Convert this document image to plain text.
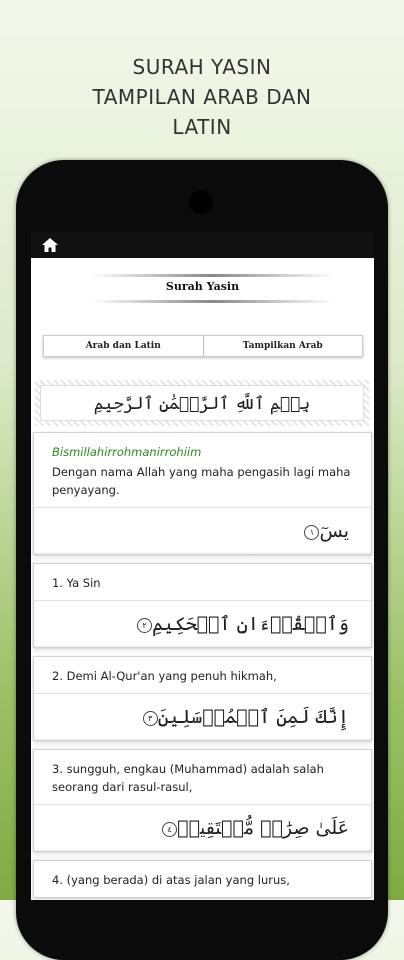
SURAH YASIN
TAMPILAN ARAB DAN
LATIN
Surah Yasin
Arab dan Latin	Tampilkan Arab
بِسۡمِ ٱللَّهِ ٱلرَّحۡمَٰنِ ٱلرَّحِيمِ
Bismillahirrohmanirrohiim
Dengan nama Allah yang maha pengasih lagi maha penyayang.
يسٓ١
1. Ya Sin
وَٱلۡقُرۡءَانِ ٱلۡحَكِيمِ٢
2. Demi Al-Qur'an yang penuh hikmah,
إِنَّكَ لَمِنَ ٱلۡمُرۡسَلِينَ٣
3. sungguh, engkau (Muhammad) adalah salah seorang dari rasul-rasul,
عَلَىٰ صِرَٰطٖ مُّسۡتَقِيمٖ٤
4. (yang berada) di atas jalan yang lurus,
